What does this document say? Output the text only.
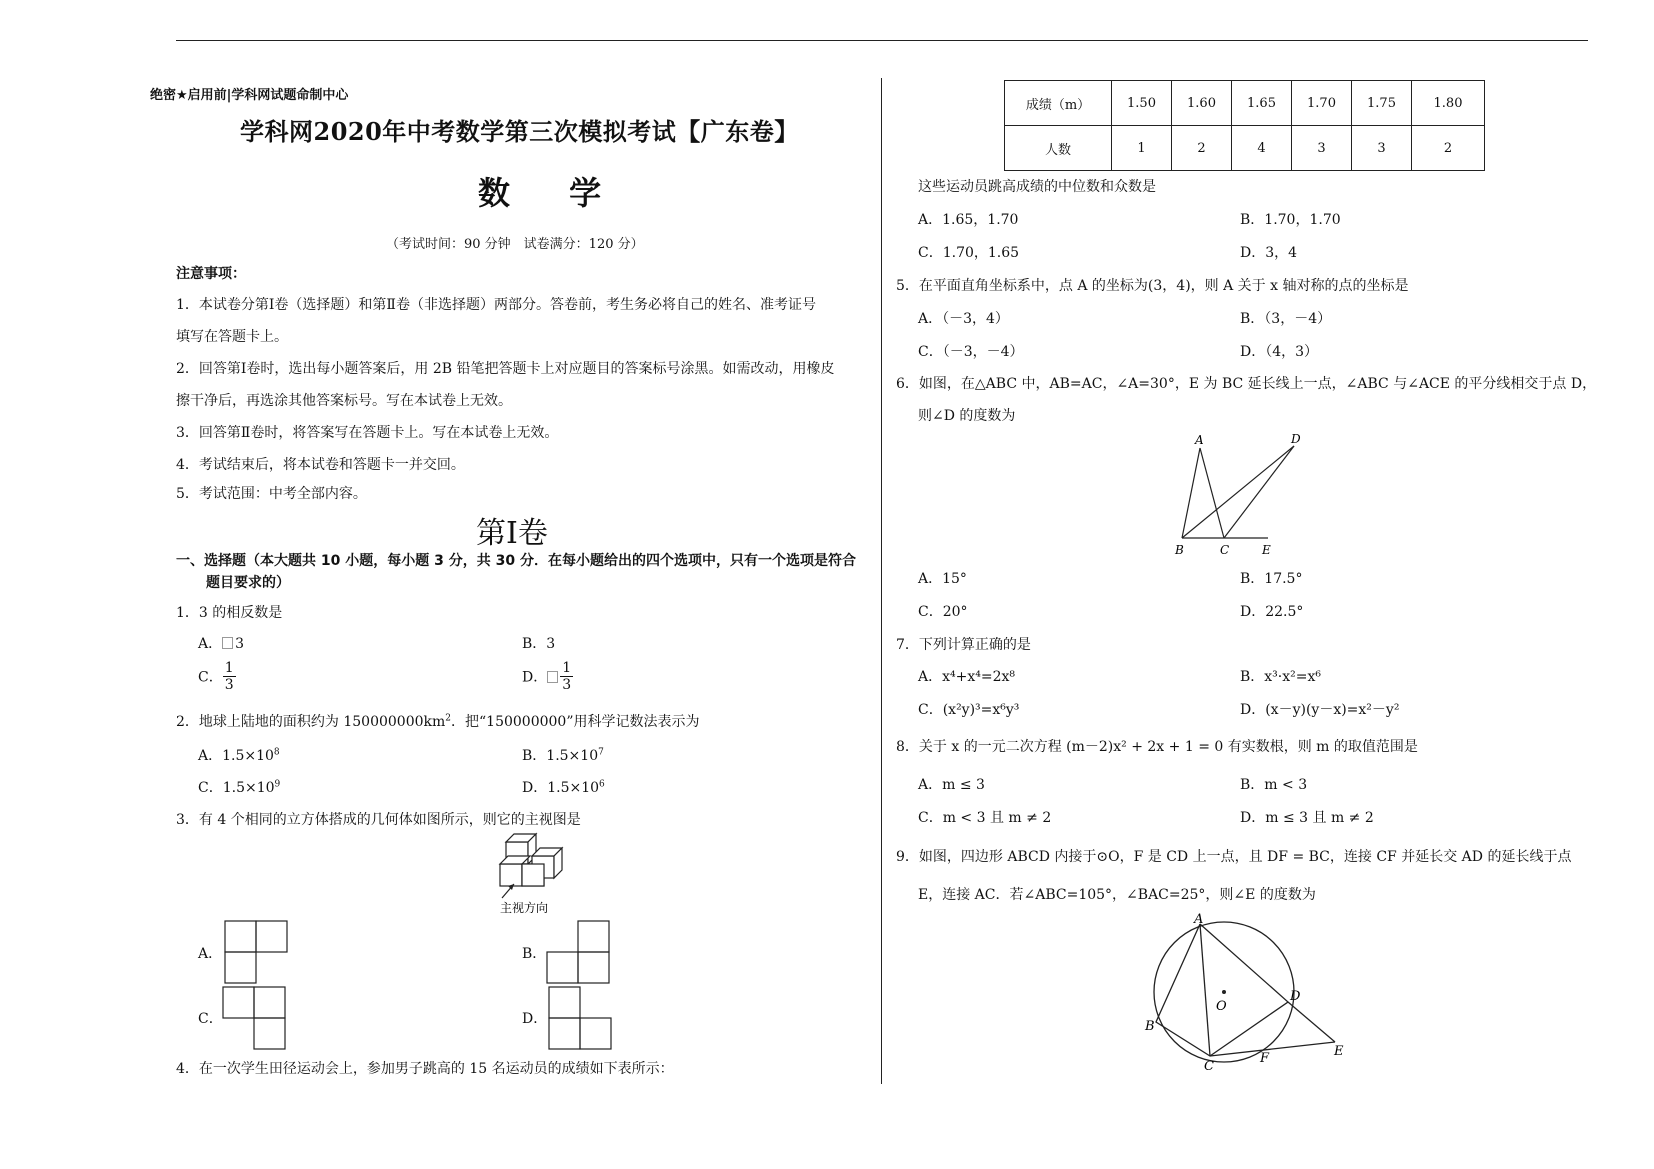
绝密★启用前|学科网试题命制中心
学科网2020年中考数学第三次模拟考试【广东卷】
数 学
（考试时间：90 分钟　试卷满分：120 分）
注意事项：
1．本试卷分第Ⅰ卷（选择题）和第Ⅱ卷（非选择题）两部分。答卷前，考生务必将自己的姓名、准考证号
填写在答题卡上。
2．回答第Ⅰ卷时，选出每小题答案后，用 2B 铅笔把答题卡上对应题目的答案标号涂黑。如需改动，用橡皮
擦干净后，再选涂其他答案标号。写在本试卷上无效。
3．回答第Ⅱ卷时，将答案写在答题卡上。写在本试卷上无效。
4．考试结束后，将本试卷和答题卡一并交回。
5．考试范围：中考全部内容。
第Ⅰ卷
一、选择题（本大题共 10 小题，每小题 3 分，共 30 分．在每小题给出的四个选项中，只有一个选项是符合
题目要求的）
1．3 的相反数是
A． 3	B．3
C． $\frac{1}{3}$	D． $\frac{1}{3}$
2．地球上陆地的面积约为 $150000000km^2$．把“150000000”用科学记数法表示为
A．$1.5\times 10^8$	B．$1.5\times 10^7$
C．$1.5\times 10^9$	D．$1.5\times 10^6$
3．有 4 个相同的立方体搭成的几何体如图所示，则它的主视图是
主视方向
A．	B．
C．	D．
4．在一次学生田径运动会上，参加男子跳高的 15 名运动员的成绩如下表所示：
成绩（m）	1.50	1.60	1.65	1.70	1.75	1.80
人数	1	2	4	3	3	2
这些运动员跳高成绩的中位数和众数是
A．1.65，1.70	B．1.70，1.70
C．1.70，1.65	D．3，4
5．在平面直角坐标系中，点 A 的坐标为(3，4)，则 A 关于 x 轴对称的点的坐标是
A．（－3，4）	B．（3，－4）
C．（－3，－4）	D．（4，3）
6．如图，在△ABC 中，AB=AC，∠A=30°，E 为 BC 延长线上一点，∠ABC 与∠ACE 的平分线相交于点 D，
则∠D 的度数为
A	D
B	C	E
A．15°	B．17.5°
C．20°	D．22.5°
7．下列计算正确的是
A．x⁴+x⁴=2x⁸	B．x³·x²=x⁶
C．(x²y)³=x⁶y³	D．(x－y)(y－x)=x²－y²
8．关于 x 的一元二次方程 (m－2)x² + 2x + 1 = 0 有实数根，则 m 的取值范围是
A．m ≤ 3	B．m < 3
C．m < 3 且 m ≠ 2	D．m ≤ 3 且 m ≠ 2
9．如图，四边形 ABCD 内接于⊙O，F 是 CD 上一点，且 DF = BC，连接 CF 并延长交 AD 的延长线于点
E，连接 AC．若∠ABC=105°，∠BAC=25°，则∠E 的度数为
A
O
D
B
E
C
F
